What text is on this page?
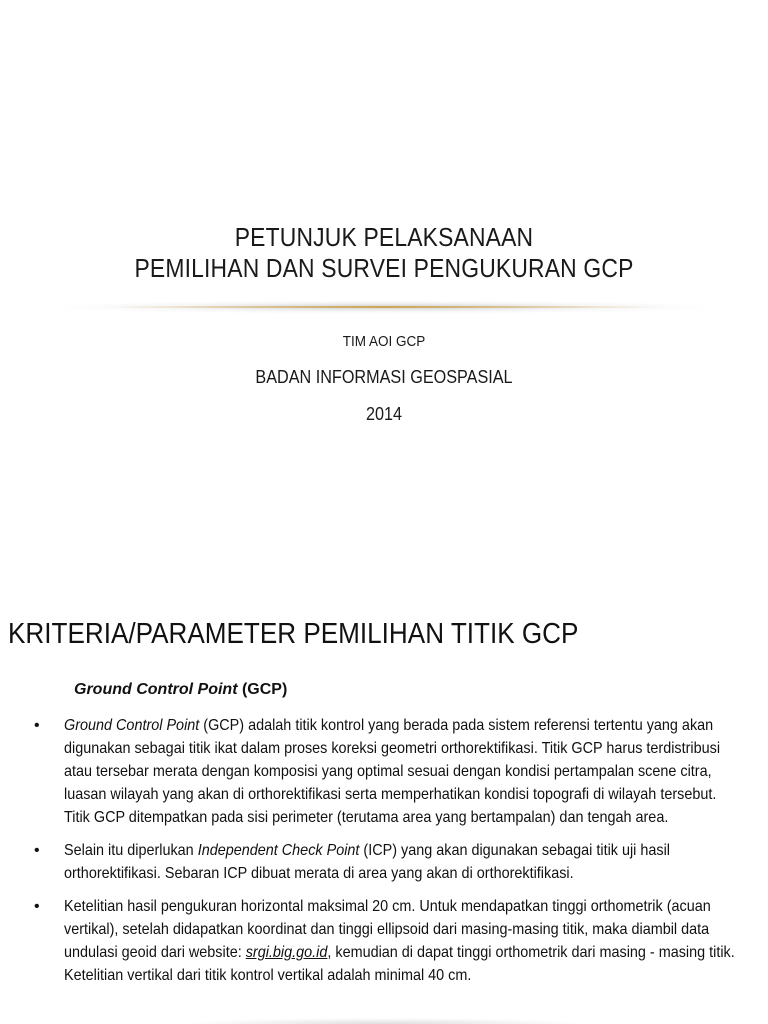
PETUNJUK PELAKSANAAN
PEMILIHAN DAN SURVEI PENGUKURAN GCP
TIM AOI GCP
BADAN INFORMASI GEOSPASIAL
2014
KRITERIA/PARAMETER PEMILIHAN TITIK GCP
Ground Control Point (GCP)
• Ground Control Point (GCP) adalah titik kontrol yang berada pada sistem referensi tertentu yang akan digunakan sebagai titik ikat dalam proses koreksi geometri orthorektifikasi. Titik GCP harus terdistribusi atau tersebar merata dengan komposisi yang optimal sesuai dengan kondisi pertampalan scene citra, luasan wilayah yang akan di orthorektifikasi serta memperhatikan kondisi topografi di wilayah tersebut. Titik GCP ditempatkan pada sisi perimeter (terutama area yang bertampalan) dan tengah area.
• Selain itu diperlukan Independent Check Point (ICP) yang akan digunakan sebagai titik uji hasil orthorektifikasi. Sebaran ICP dibuat merata di area yang akan di orthorektifikasi.
• Ketelitian hasil pengukuran horizontal maksimal 20 cm. Untuk mendapatkan tinggi orthometrik (acuan vertikal), setelah didapatkan koordinat dan tinggi ellipsoid dari masing-masing titik, maka diambil data undulasi geoid dari website: srgi.big.go.id, kemudian di dapat tinggi orthometrik dari masing - masing titik. Ketelitian vertikal dari titik kontrol vertikal adalah minimal 40 cm.
